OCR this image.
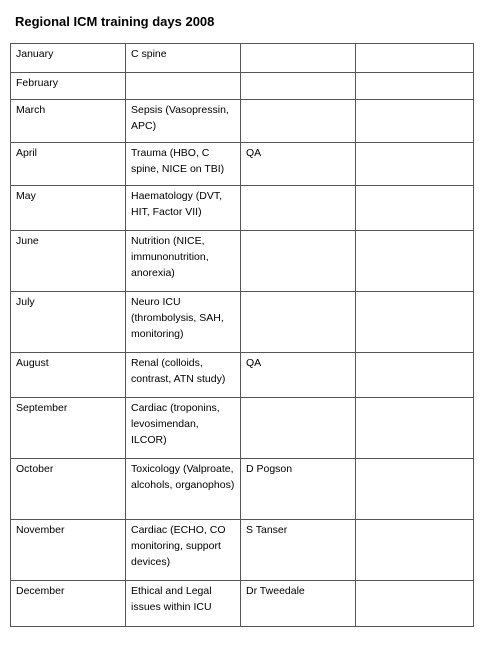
Regional ICM training days 2008
January	C spine		
February			
March	Sepsis (Vasopressin, APC)		
April	Trauma (HBO, C spine, NICE on TBI)	QA	
May	Haematology (DVT, HIT, Factor VII)		
June	Nutrition (NICE, immunonutrition, anorexia)		
July	Neuro ICU (thrombolysis, SAH, monitoring)		
August	Renal (colloids, contrast, ATN study)	QA	
September	Cardiac (troponins, levosimendan, ILCOR)		
October	Toxicology (Valproate, alcohols, organophos)	D Pogson	
November	Cardiac (ECHO, CO monitoring, support devices)	S Tanser	
December	Ethical and Legal issues within ICU	Dr Tweedale	
